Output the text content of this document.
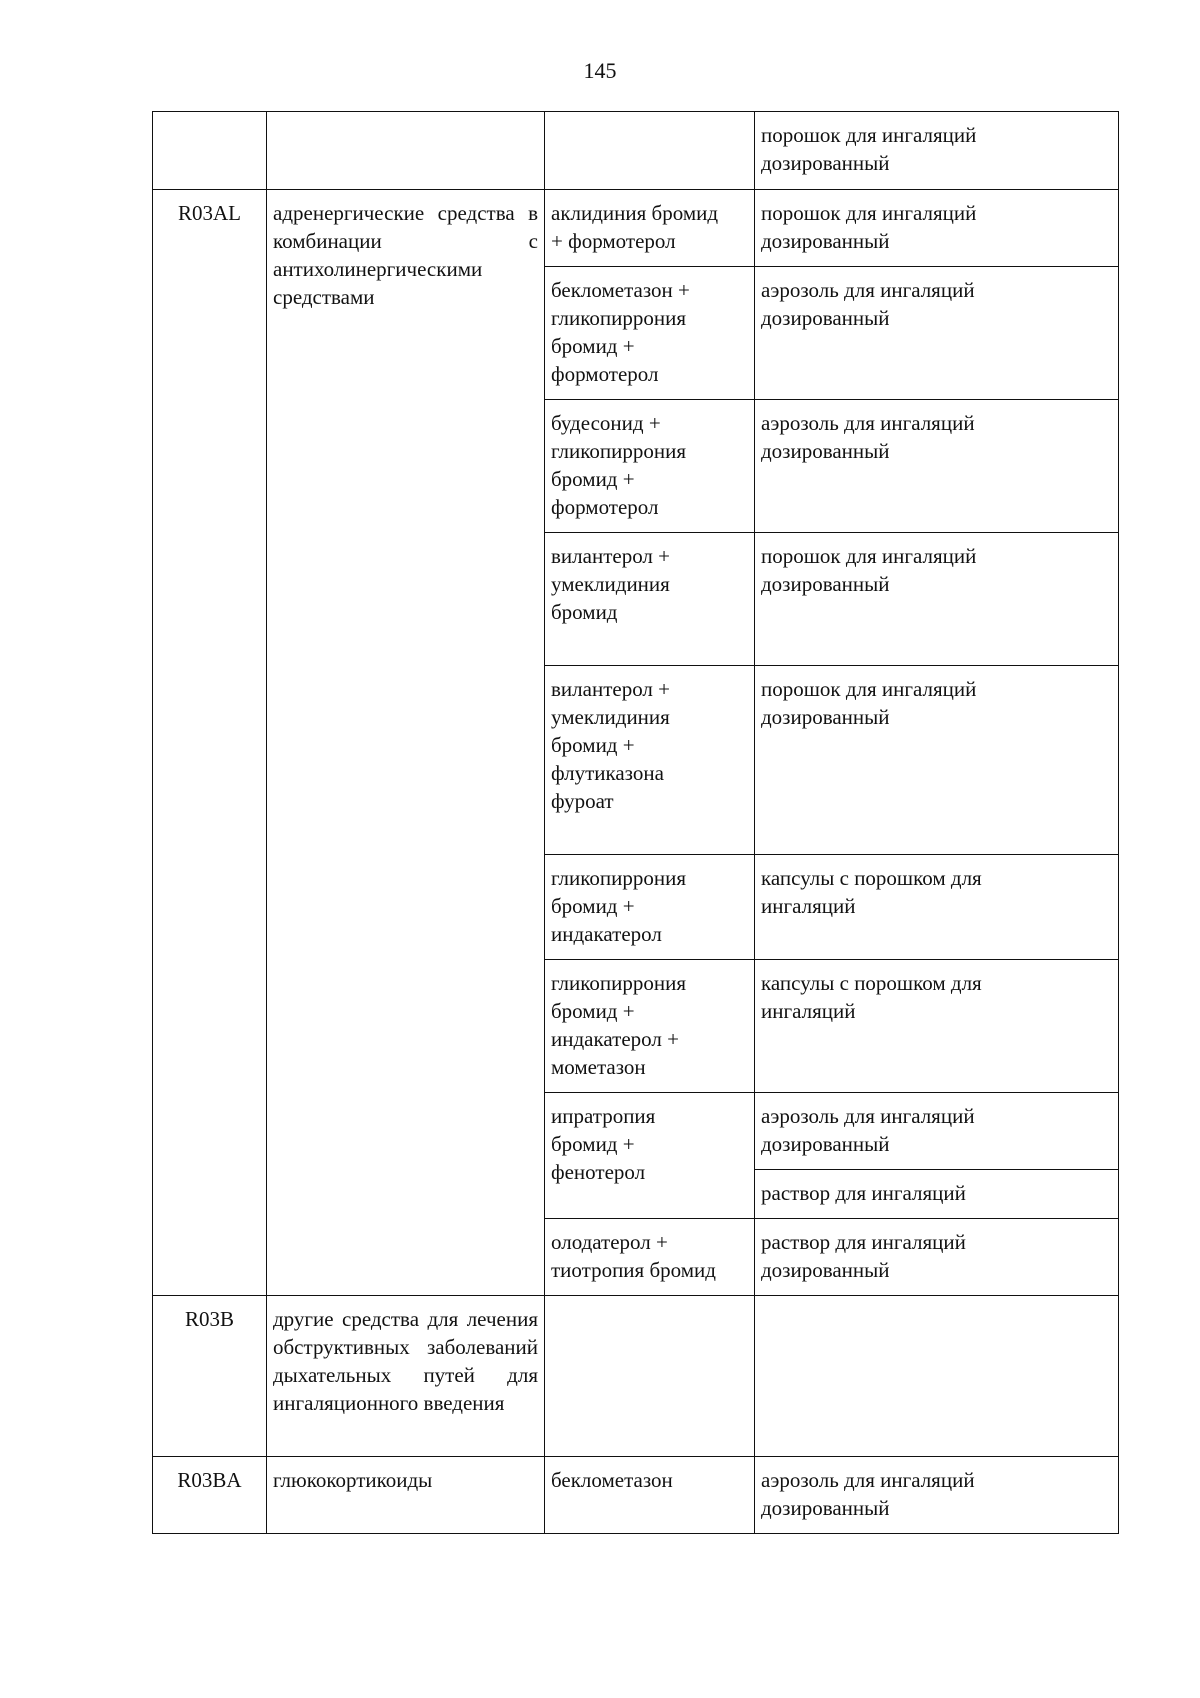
145

			порошок для ингаляций
дозированный

R03AL	адренергические средства в комбинации с антихолинергическими средствами	аклидиния бромид
+ формотерол	порошок для ингаляций
дозированный

		беклометазон +
гликопиррония
бромид +
формотерол	аэрозоль для ингаляций
дозированный

		будесонид +
гликопиррония
бромид +
формотерол	аэрозоль для ингаляций
дозированный

		вилантерол +
умеклидиния
бромид	порошок для ингаляций
дозированный

		вилантерол +
умеклидиния
бромид +
флутиказона
фуроат	порошок для ингаляций
дозированный

		гликопиррония
бромид +
индакатерол	капсулы с порошком для
ингаляций

		гликопиррония
бромид +
индакатерол +
мометазон	капсулы с порошком для
ингаляций

		ипратропия
бромид +
фенотерол	аэрозоль для ингаляций
дозированный

			раствор для ингаляций

		олодатерол +
тиотропия бромид	раствор для ингаляций
дозированный

R03B	другие средства для лечения обструктивных заболеваний дыхательных путей для ингаляционного введения		

R03BA	глюкокортикоиды	беклометазон	аэрозоль для ингаляций
дозированный
